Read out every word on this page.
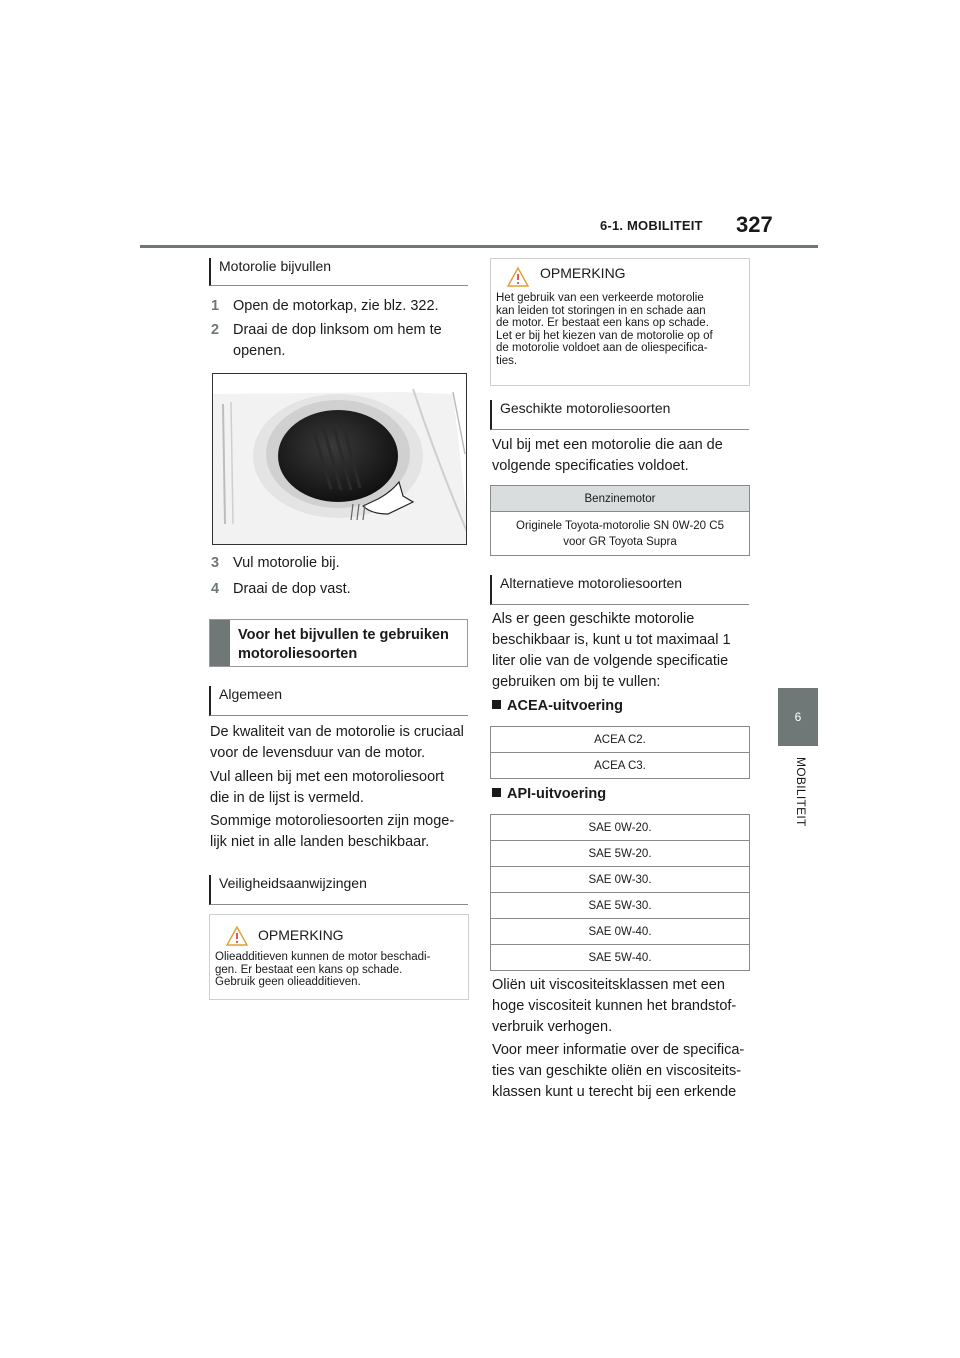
6-1. MOBILITEIT 327
6
MOBILITEIT
Motorolie bijvullen
1 Open de motorkap, zie blz. 322.
2 Draai de dop linksom om hem te
openen.
3 Vul motorolie bij.
4 Draai de dop vast.
Voor het bijvullen te gebruiken
motoroliesoorten
Algemeen
De kwaliteit van de motorolie is cruciaal
voor de levensduur van de motor.
Vul alleen bij met een motoroliesoort
die in de lijst is vermeld.
Sommige motoroliesoorten zijn moge-
lijk niet in alle landen beschikbaar.
Veiligheidsaanwijzingen
OPMERKING
Olieadditieven kunnen de motor beschadi-
gen. Er bestaat een kans op schade.
Gebruik geen olieadditieven.
OPMERKING
Het gebruik van een verkeerde motorolie
kan leiden tot storingen in en schade aan
de motor. Er bestaat een kans op schade.
Let er bij het kiezen van de motorolie op of
de motorolie voldoet aan de oliespecifica-
ties.
Geschikte motoroliesoorten
Vul bij met een motorolie die aan de
volgende specificaties voldoet.
Benzinemotor

Originele Toyota-motorolie SN 0W-20 C5
voor GR Toyota Supra
Alternatieve motoroliesoorten
Als er geen geschikte motorolie
beschikbaar is, kunt u tot maximaal 1
liter olie van de volgende specificatie
gebruiken om bij te vullen:
ACEA-uitvoering
ACEA C2.
ACEA C3.
API-uitvoering
SAE 0W-20.
SAE 5W-20.
SAE 0W-30.
SAE 5W-30.
SAE 0W-40.
SAE 5W-40.
Oliën uit viscositeitsklassen met een
hoge viscositeit kunnen het brandstof-
verbruik verhogen.
Voor meer informatie over de specifica-
ties van geschikte oliën en viscositeits-
klassen kunt u terecht bij een erkende
